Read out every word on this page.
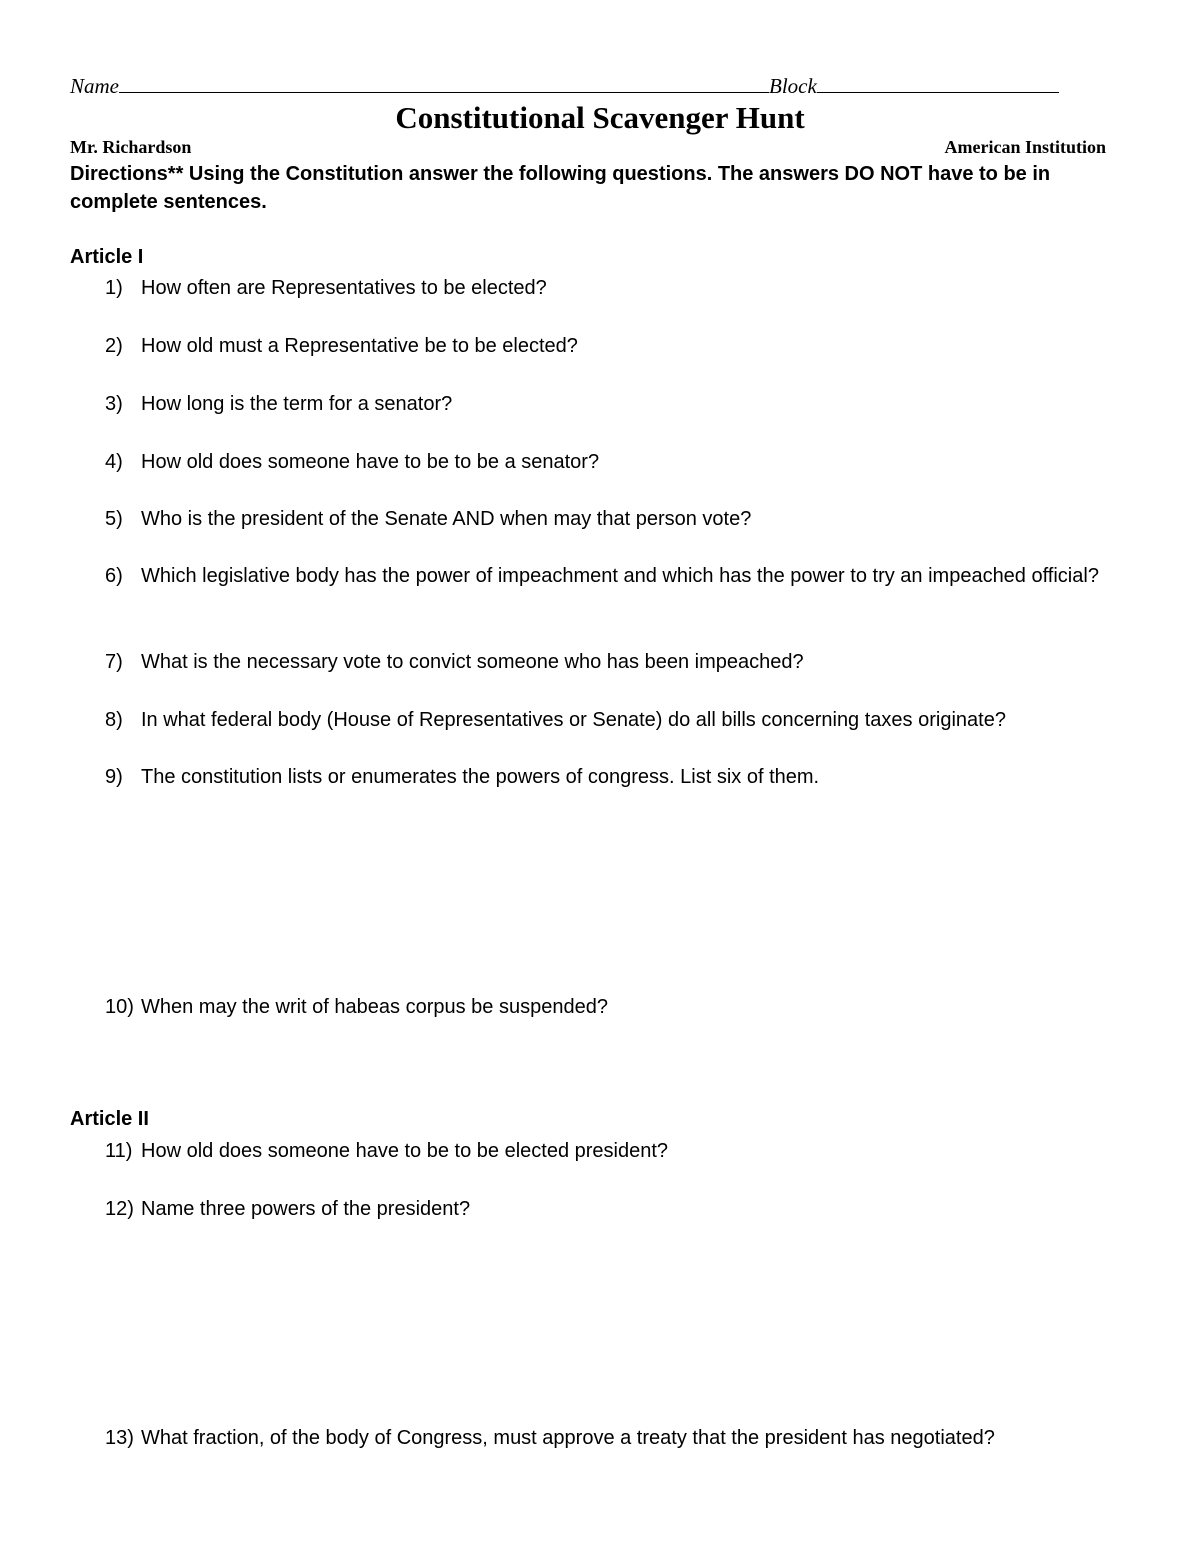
Name	Block
Constitutional Scavenger Hunt
Mr. Richardson	American Institution

Directions** Using the Constitution answer the following questions. The answers DO NOT have to be in complete sentences.

Article I
1) How often are Representatives to be elected?
2) How old must a Representative be to be elected?
3) How long is the term for a senator?
4) How old does someone have to be to be a senator?
5) Who is the president of the Senate AND when may that person vote?
6) Which legislative body has the power of impeachment and which has the power to try an impeached official?
7) What is the necessary vote to convict someone who has been impeached?
8) In what federal body (House of Representatives or Senate) do all bills concerning taxes originate?
9) The constitution lists or enumerates the powers of congress. List six of them.
10) When may the writ of habeas corpus be suspended?
Article II
11) How old does someone have to be to be elected president?
12) Name three powers of the president?
13) What fraction, of the body of Congress, must approve a treaty that the president has negotiated?
